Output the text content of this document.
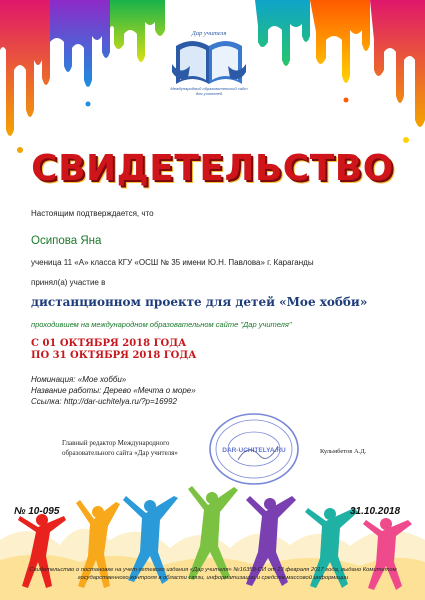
Дар учителя
Международный образовательный сайт для учителей
СВИДЕТЕЛЬСТВО
Настоящим подтверждается, что
Осипова Яна
ученица 11 «А» класса КГУ «ОСШ № 35 имени Ю.Н. Павлова» г. Караганды
принял(а) участие в
дистанционном проекте для детей «Мое хобби»
проходившем на международном образовательном сайте "Дар учителя"
С 01 ОКТЯБРЯ 2018 ГОДА
ПО 31 ОКТЯБРЯ 2018 ГОДА
Номинация: «Мое хобби»
Название работы: Дерево «Мечта о море»
Ссылка: http://dar-uchitelya.ru/?p=16992
Главный редактор Международного
образовательного сайта «Дар учителя»	DAR-UCHITELYA.RU	Кульмбетов А.Д.
№ 10-095	31.10.2018
Свидетельство о постановке на учет сетевого издания «Дар учителя» №16359-СИ от 23 февраля 2017 года, выдано Комитетом государственного контроля в области связи, информатизации и средств массовой информации
